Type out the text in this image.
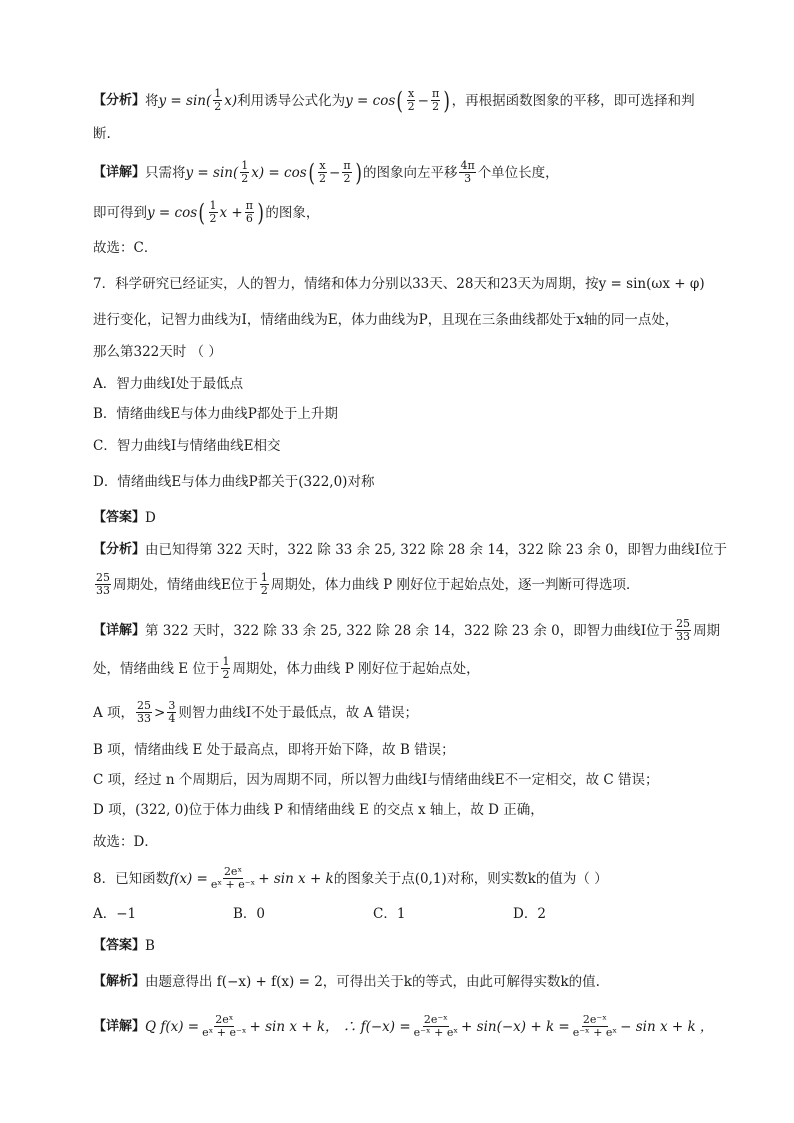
【分析】 将 $y = \sin( \frac{1}{2} x)$ 利用诱导公式化为 y = cos ( $\frac{x}{2} - \frac{\pi}{2}$ ) ，再根据函数图象的平移，即可选择和判
断.
【详解】 只需将 $y = \sin( \frac{1}{2} x) = \cos$ ( $\frac{x}{2} - \frac{\pi}{2}$ ) 的图象向左平移 $\frac{4\pi}{3}$ 个单位长度，
即可得到 y = cos ( $\frac{1}{2}$ $x + \frac{\pi}{6}$ ) 的图象，
故选：C．
7．科学研究已经证实，人的智力，情绪和体力分别以33天、28天和23天为周期，按y = sin(ωx + φ)
进行变化，记智力曲线为I，情绪曲线为E，体力曲线为P，且现在三条曲线都处于x轴的同一点处，
那么第322天时 （ ）
A．智力曲线I处于最低点
B．情绪曲线E与体力曲线P都处于上升期
C．智力曲线I与情绪曲线E相交
D．情绪曲线E与体力曲线P都关于(322,0)对称
【答案】 D
【分析】 由已知得第 322 天时，322 除 33 余 25, 322 除 28 余 14，322 除 23 余 0，即智力曲线I位于
$\frac{25}{33}$ 周期处，情绪曲线E位于 $\frac{1}{2}$ 周期处，体力曲线 P 刚好位于起始点处，逐一判断可得选项．
【详解】 第 322 天时，322 除 33 余 25, 322 除 28 余 14，322 除 23 余 0，即智力曲线I位于 $\frac{25}{33}$ 周期
处，情绪曲线 E 位于 $\frac{1}{2}$ 周期处，体力曲线 P 刚好位于起始点处，
A 项， $\frac{25}{33} > \frac{3}{4}$ 则智力曲线I不处于最低点，故 A 错误；
B 项，情绪曲线 E 处于最高点，即将开始下降，故 B 错误；
C 项，经过 n 个周期后，因为周期不同，所以智力曲线I与情绪曲线E不一定相交，故 C 错误；
D 项，(322, 0)位于体力曲线 P 和情绪曲线 E 的交点 x 轴上，故 D 正确，
故选：D．
8．已知函数 $f(x) = \frac{\text{2eˣ}}{\text{eˣ + e⁻ˣ}} + \sin x + k$ 的图象关于点(0,1)对称，则实数k的值为（ ）
A．−1	B．0	C．1	D．2
【答案】 B
【解析】 由题意得出 f(−x) + f(x) = 2，可得出关于k的等式，由此可解得实数k的值.
【详解】 Q $f(x) = \frac{\text{2eˣ}}{\text{eˣ + e⁻ˣ}} + \sin x + k$， ∴ $f(-x) = \frac{\text{2e⁻ˣ}}{\text{e⁻ˣ + eˣ}} + \sin(-x) + k = \frac{\text{2e⁻ˣ}}{\text{e⁻ˣ + eˣ}} - \sin x + k$ ，
